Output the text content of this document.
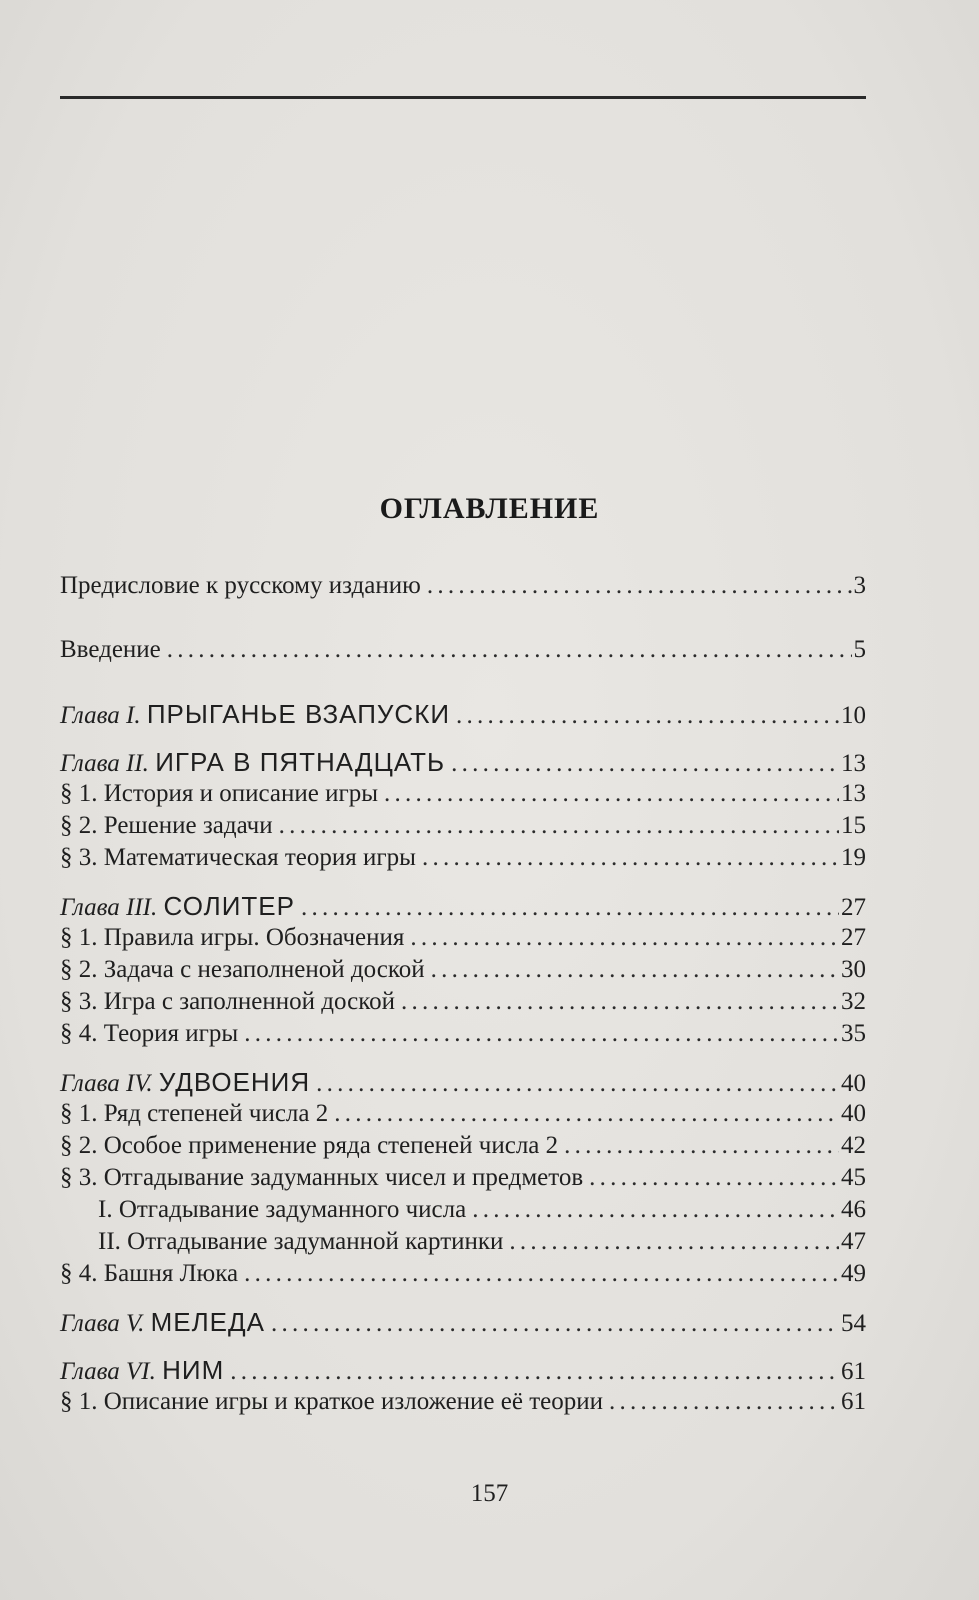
ОГЛАВЛЕНИЕ
Предисловие к русскому изданию . . .	3
Введение . . .	5
Глава I. ПРЫГАНЬЕ ВЗАПУСКИ . . .	10
Глава II. ИГРА В ПЯТНАДЦАТЬ . . .	13
§ 1. История и описание игры . . .	13
§ 2. Решение задачи . . .	15
§ 3. Математическая теория игры . . .	19
Глава III. СОЛИТЕР . . .	27
§ 1. Правила игры. Обозначения . . .	27
§ 2. Задача с незаполненой доской . . .	30
§ 3. Игра с заполненной доской . . .	32
§ 4. Теория игры . . .	35
Глава IV. УДВОЕНИЯ . . .	40
§ 1. Ряд степеней числа 2 . . .	40
§ 2. Особое применение ряда степеней числа 2 . . .	42
§ 3. Отгадывание задуманных чисел и предметов . . .	45
I. Отгадывание задуманного числа . . .	46
II. Отгадывание задуманной картинки . . .	47
§ 4. Башня Люка . . .	49
Глава V. МЕЛЕДА . . .	54
Глава VI. НИМ . . .	61
§ 1. Описание игры и краткое изложение её теории . . .	61
157
